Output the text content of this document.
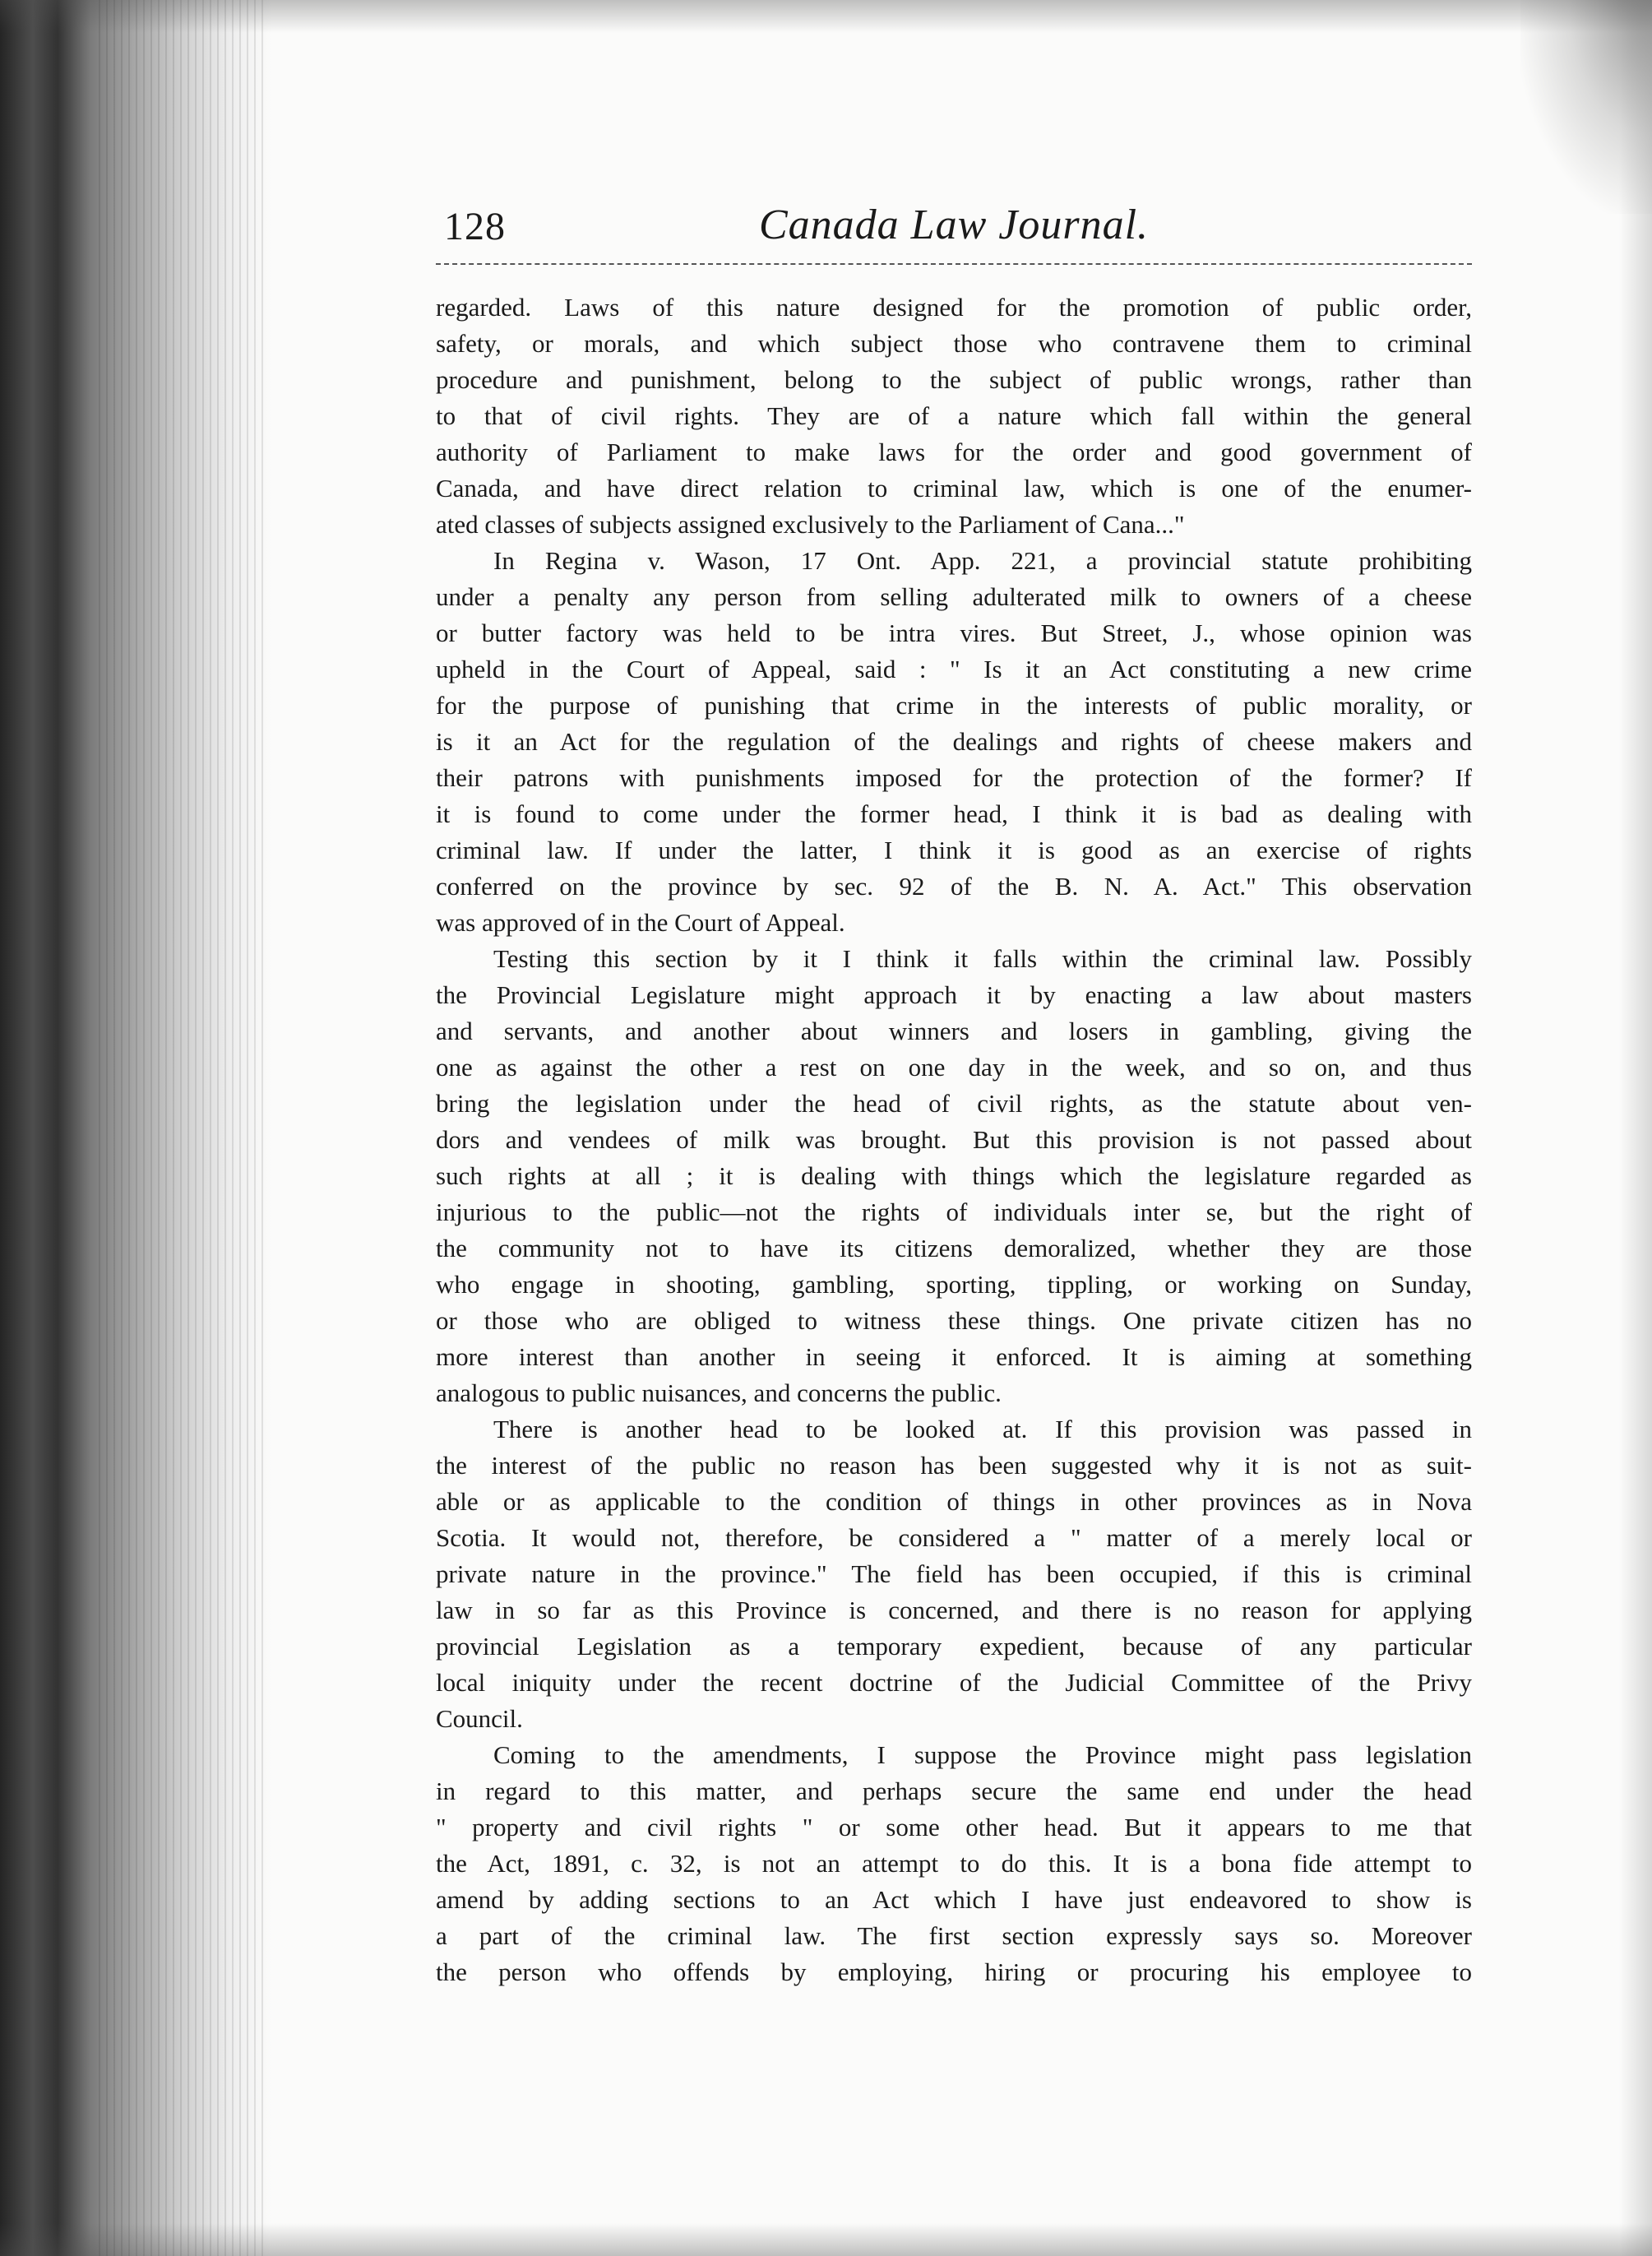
128	Canada Law Journal.

regarded. Laws of this nature designed for the promotion of public order,
safety, or morals, and which subject those who contravene them to criminal
procedure and punishment, belong to the subject of public wrongs, rather than
to that of civil rights. They are of a nature which fall within the general
authority of Parliament to make laws for the order and good government of
Canada, and have direct relation to criminal law, which is one of the enumer-
ated classes of subjects assigned exclusively to the Parliament of Cana..."

In Regina v. Wason, 17 Ont. App. 221, a provincial statute prohibiting
under a penalty any person from selling adulterated milk to owners of a cheese
or butter factory was held to be intra vires. But Street, J., whose opinion was
upheld in the Court of Appeal, said : " Is it an Act constituting a new crime
for the purpose of punishing that crime in the interests of public morality, or
is it an Act for the regulation of the dealings and rights of cheese makers and
their patrons with punishments imposed for the protection of the former? If
it is found to come under the former head, I think it is bad as dealing with
criminal law. If under the latter, I think it is good as an exercise of rights
conferred on the province by sec. 92 of the B. N. A. Act." This observation
was approved of in the Court of Appeal.

Testing this section by it I think it falls within the criminal law. Possibly
the Provincial Legislature might approach it by enacting a law about masters
and servants, and another about winners and losers in gambling, giving the
one as against the other a rest on one day in the week, and so on, and thus
bring the legislation under the head of civil rights, as the statute about ven-
dors and vendees of milk was brought. But this provision is not passed about
such rights at all ; it is dealing with things which the legislature regarded as
injurious to the public—not the rights of individuals inter se, but the right of
the community not to have its citizens demoralized, whether they are those
who engage in shooting, gambling, sporting, tippling, or working on Sunday,
or those who are obliged to witness these things. One private citizen has no
more interest than another in seeing it enforced. It is aiming at something
analogous to public nuisances, and concerns the public.

There is another head to be looked at. If this provision was passed in
the interest of the public no reason has been suggested why it is not as suit-
able or as applicable to the condition of things in other provinces as in Nova
Scotia. It would not, therefore, be considered a " matter of a merely local or
private nature in the province." The field has been occupied, if this is criminal
law in so far as this Province is concerned, and there is no reason for applying
provincial Legislation as a temporary expedient, because of any particular
local iniquity under the recent doctrine of the Judicial Committee of the Privy
Council.

Coming to the amendments, I suppose the Province might pass legislation
in regard to this matter, and perhaps secure the same end under the head
" property and civil rights " or some other head. But it appears to me that
the Act, 1891, c. 32, is not an attempt to do this. It is a bona fide attempt to
amend by adding sections to an Act which I have just endeavored to show is
a part of the criminal law. The first section expressly says so. Moreover
the person who offends by employing, hiring or procuring his employee to
